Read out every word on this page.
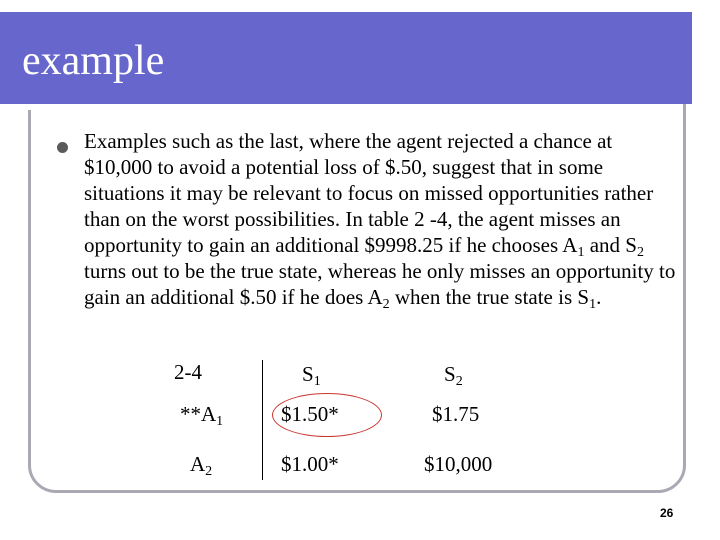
example
Examples such as the last, where the agent rejected a chance at $10,000 to avoid a potential loss of $.50, suggest that in some situations it may be relevant to focus on missed opportunities rather than on the worst possibilities. In table 2 -4, the agent misses an opportunity to gain an additional $9998.25 if he chooses $A_1$ and $S_2$ turns out to be the true state, whereas he only misses an opportunity to gain an additional $.50 if he does $A_2$ when the true state is $S_1$.
2-4	$S_1$	$S_2$
$**A_1$	$1.50*	$1.75
$A_2$	$1.00*	$10,000
26
